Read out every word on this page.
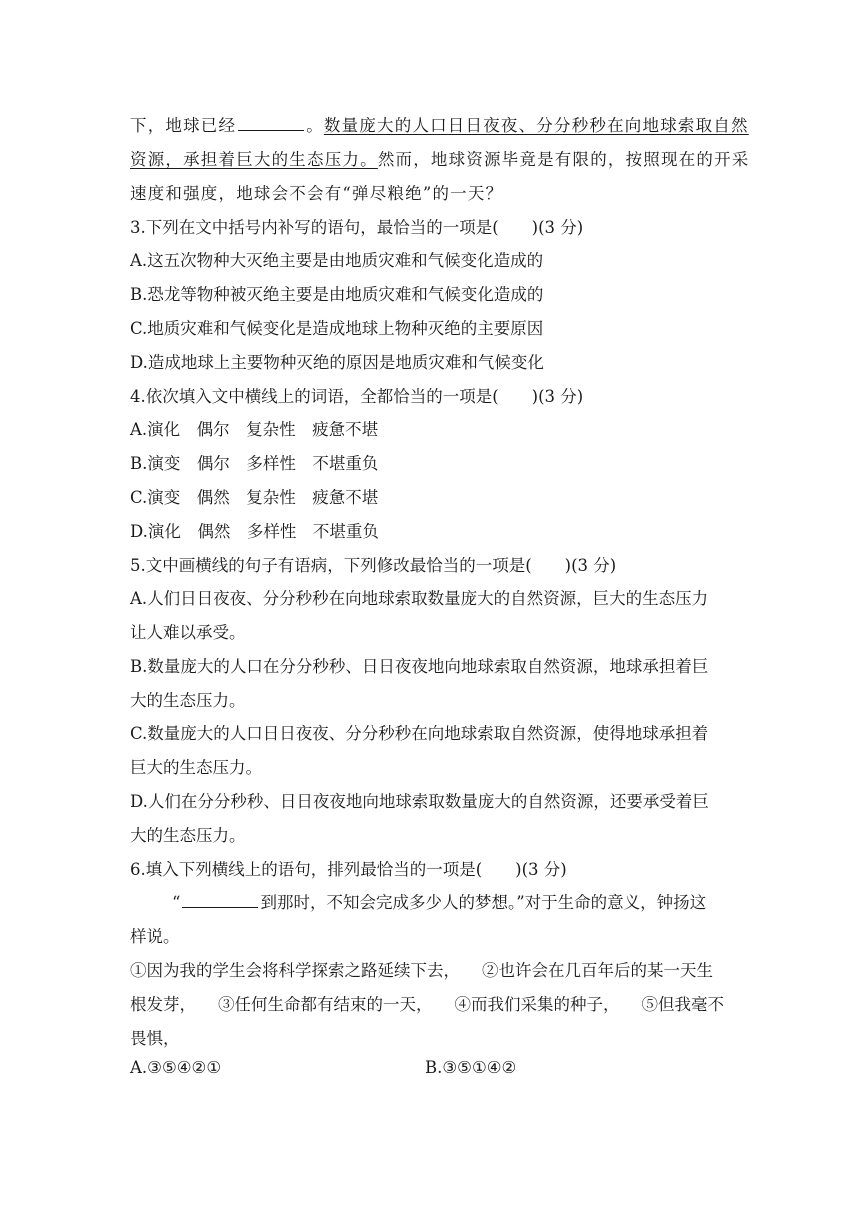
下，地球已经	。数量庞大的人口日日夜夜、分分秒秒在向地球索取自然
资源，承担着巨大的生态压力。然而，地球资源毕竟是有限的，按照现在的开采
速度和强度，地球会不会有“弹尽粮绝”的一天？
3.下列在文中括号内补写的语句，最恰当的一项是(　　)(3 分)
A.这五次物种大灭绝主要是由地质灾难和气候变化造成的
B.恐龙等物种被灭绝主要是由地质灾难和气候变化造成的
C.地质灾难和气候变化是造成地球上物种灭绝的主要原因
D.造成地球上主要物种灭绝的原因是地质灾难和气候变化
4.依次填入文中横线上的词语，全都恰当的一项是(　　)(3 分)
A.演化　偶尔　复杂性　疲惫不堪
B.演变　偶尔　多样性　不堪重负
C.演变　偶然　复杂性　疲惫不堪
D.演化　偶然　多样性　不堪重负
5.文中画横线的句子有语病，下列修改最恰当的一项是(　　)(3 分)
A.人们日日夜夜、分分秒秒在向地球索取数量庞大的自然资源，巨大的生态压力
让人难以承受。
B.数量庞大的人口在分分秒秒、日日夜夜地向地球索取自然资源，地球承担着巨
大的生态压力。
C.数量庞大的人口日日夜夜、分分秒秒在向地球索取自然资源，使得地球承担着
巨大的生态压力。
D.人们在分分秒秒、日日夜夜地向地球索取数量庞大的自然资源，还要承受着巨
大的生态压力。
6.填入下列横线上的语句，排列最恰当的一项是(　　)(3 分)
“	到那时，不知会完成多少人的梦想。”对于生命的意义，钟扬这
样说。
①因为我的学生会将科学探索之路延续下去， ②也许会在几百年后的某一天生
根发芽， ③任何生命都有结束的一天， ④而我们采集的种子， ⑤但我毫不
畏惧，
A.③⑤④②①	B.③⑤①④②
